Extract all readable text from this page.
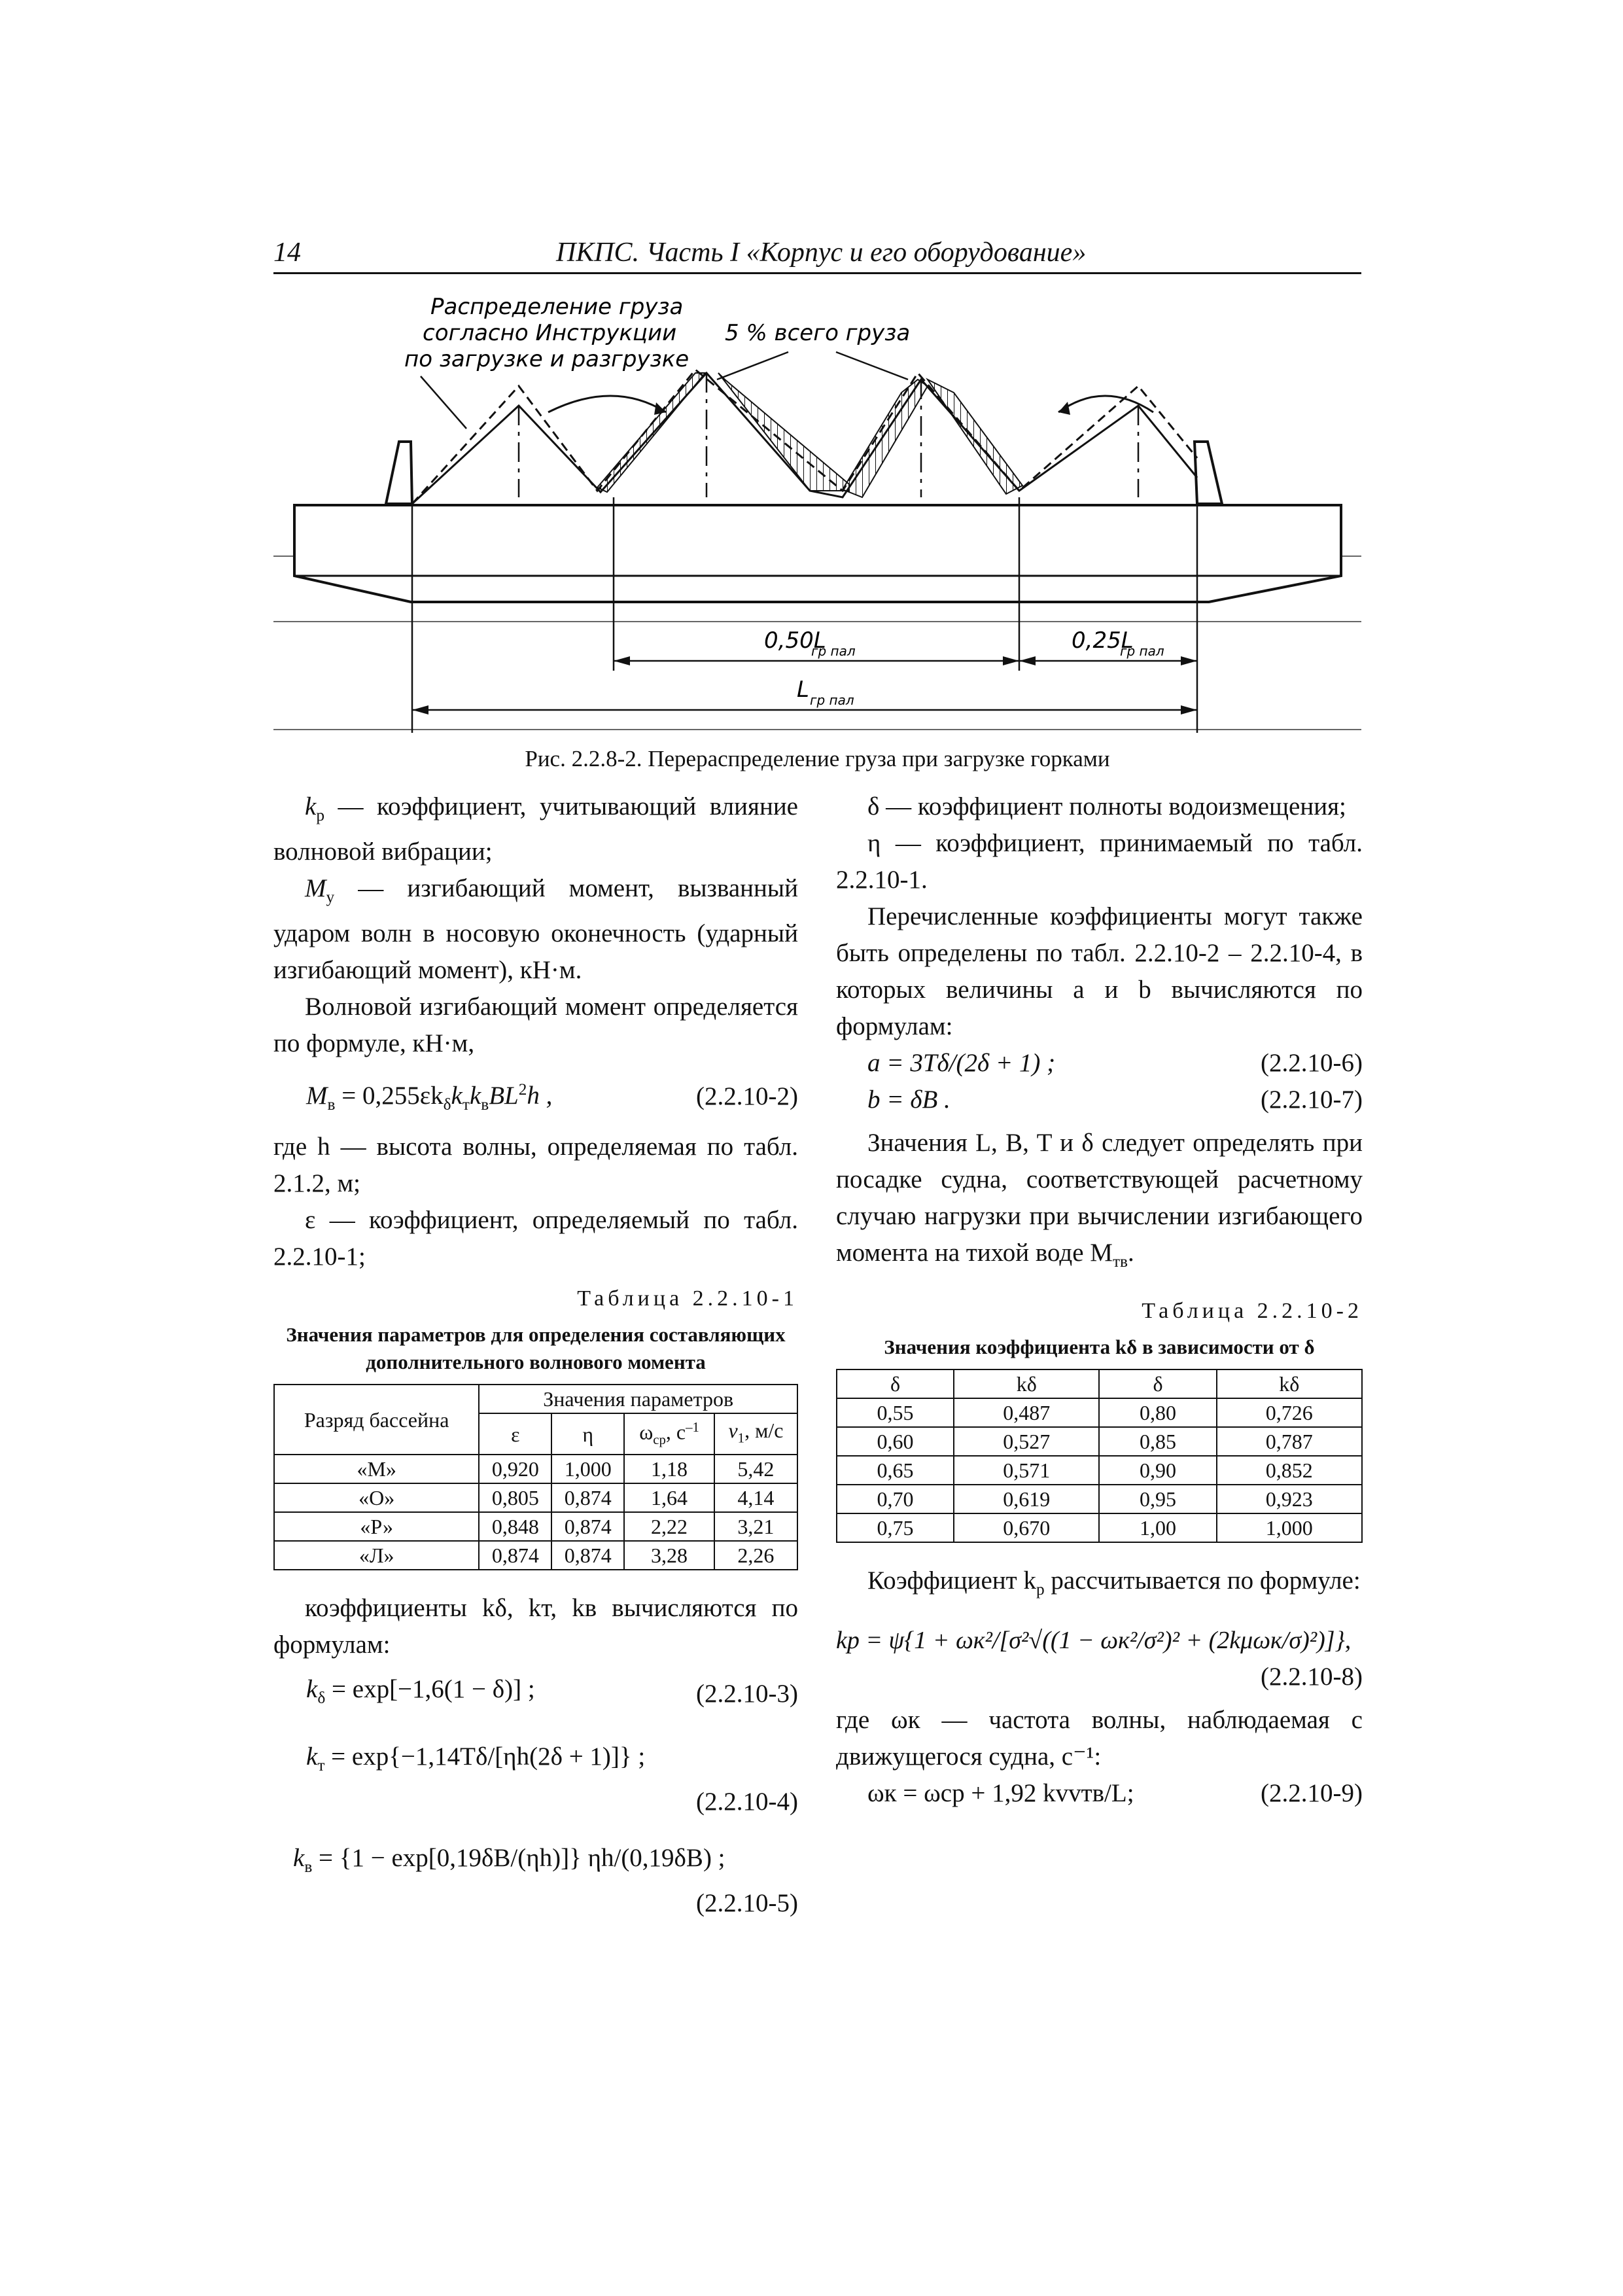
14	ПКПС. Часть I «Корпус и его оборудование»
Распределение груза
согласно Инструкции
по загрузке и разгрузке
5 % всего груза
0,50L
гр пал	0,25L
гр пал
L гр пал
Рис. 2.2.8-2. Перераспределение груза при загрузке горками

$k_р$ — коэффициент, учитывающий влияние волновой вибрации;

$M_у$ — изгибающий момент, вызванный ударом волн в носовую оконечность (ударный изгибающий момент), кН·м.

Волновой изгибающий момент определяется по формуле, кН·м,

$M_в = 0,255\varepsilon k_\delta k_тk_вBL^2h$ ,	(2.2.10-2)

где h — высота волны, определяемая по табл. 2.1.2, м;

ε — коэффициент, определяемый по табл. 2.2.10-1;

Таблица 2.2.10-1
Значения параметров для определения составляющих дополнительного волнового момента
Разряд бассейна	Значения параметров			
	ε	η	$\omega_{ср}$, $с^{-1}$	$v_1$, м/с
«М»	0,920	1,000	1,18	5,42
«О»	0,805	0,874	1,64	4,14
«Р»	0,848	0,874	2,22	3,21
«Л»	0,874	0,874	3,28	2,26

коэффициенты kδ, kт, kв вычисляются по формулам:

$k_\delta = \exp[-1,6(1 - \delta)]$ ;	(2.2.10-3)
$k_т = \exp\{-1,14T\delta/[\eta h(2\delta + 1)]\}$ ;
(2.2.10-4)
$k_в = \{1 - \exp[0,19\delta B/(\eta h)]\}$ ηh/(0,19δB) ;
(2.2.10-5)

δ — коэффициент полноты водоизмещения;

η — коэффициент, принимаемый по табл. 2.2.10-1.

Перечисленные коэффициенты могут также быть определены по табл. 2.2.10-2 – 2.2.10-4, в которых величины a и b вычисляются по формулам:

a = 3Tδ/(2δ + 1) ;	(2.2.10-6)
b = δB .	(2.2.10-7)

Значения L, B, T и δ следует определять при посадке судна, соответствующей расчетному случаю нагрузки при вычислении изгибающего момента на тихой воде $M_{тв}$.

Таблица 2.2.10-2
Значения коэффициента kδ в зависимости от δ
δ	kδ	δ	kδ
0,55	0,487	0,80	0,726
0,60	0,527	0,85	0,787
0,65	0,571	0,90	0,852
0,70	0,619	0,95	0,923
0,75	0,670	1,00	1,000

Коэффициент $k_р$ рассчитывается по формуле:

kр = ψ{1 + ωк²/[σ²√((1 − ωк²/σ²)² + (2kμωк/σ)²)]},
(2.2.10-8)

где ωк — частота волны, наблюдаемая с движущегося судна, с⁻¹:

ωк = ωср + 1,92 kvvтв/L;	(2.2.10-9)
